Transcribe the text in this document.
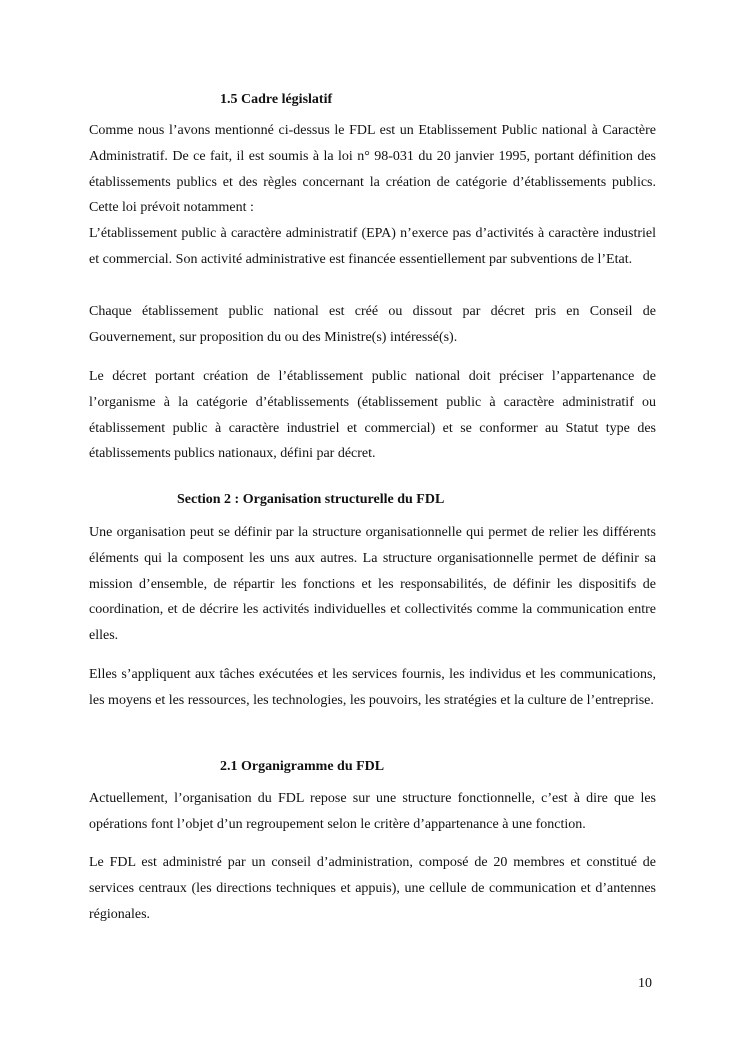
1.5 Cadre législatif

Comme nous l’avons mentionné ci-dessus le FDL est un Etablissement Public national à Caractère Administratif. De ce fait, il est soumis à la loi n° 98-031 du 20 janvier 1995, portant définition des établissements publics et des règles concernant la création de catégorie d’établissements publics. Cette loi prévoit notamment :

L’établissement public à caractère administratif (EPA) n’exerce pas d’activités à caractère industriel et commercial. Son activité administrative est financée essentiellement par subventions de l’Etat.

Chaque établissement public national est créé ou dissout par décret pris en Conseil de Gouvernement, sur proposition du ou des Ministre(s) intéressé(s).

Le décret portant création de l’établissement public national doit préciser l’appartenance de l’organisme à la catégorie d’établissements (établissement public à caractère administratif ou établissement public à caractère industriel et commercial) et se conformer au Statut type des établissements publics nationaux, défini par décret.

Section 2 : Organisation structurelle du FDL

Une organisation peut se définir par la structure organisationnelle qui permet de relier les différents éléments qui la composent les uns aux autres. La structure organisationnelle permet de définir sa mission d’ensemble, de répartir les fonctions et les responsabilités, de définir les dispositifs de coordination, et de décrire les activités individuelles et collectivités comme la communication entre elles.

Elles s’appliquent aux tâches exécutées et les services fournis, les individus et les communications, les moyens et les ressources, les technologies, les pouvoirs, les stratégies et la culture de l’entreprise.

2.1 Organigramme du FDL

Actuellement, l’organisation du FDL repose sur une structure fonctionnelle, c’est à dire que les opérations font l’objet d’un regroupement selon le critère d’appartenance à une fonction.

Le FDL est administré par un conseil d’administration, composé de 20 membres et constitué de services centraux (les directions techniques et appuis), une cellule de communication et d’antennes régionales.

10
